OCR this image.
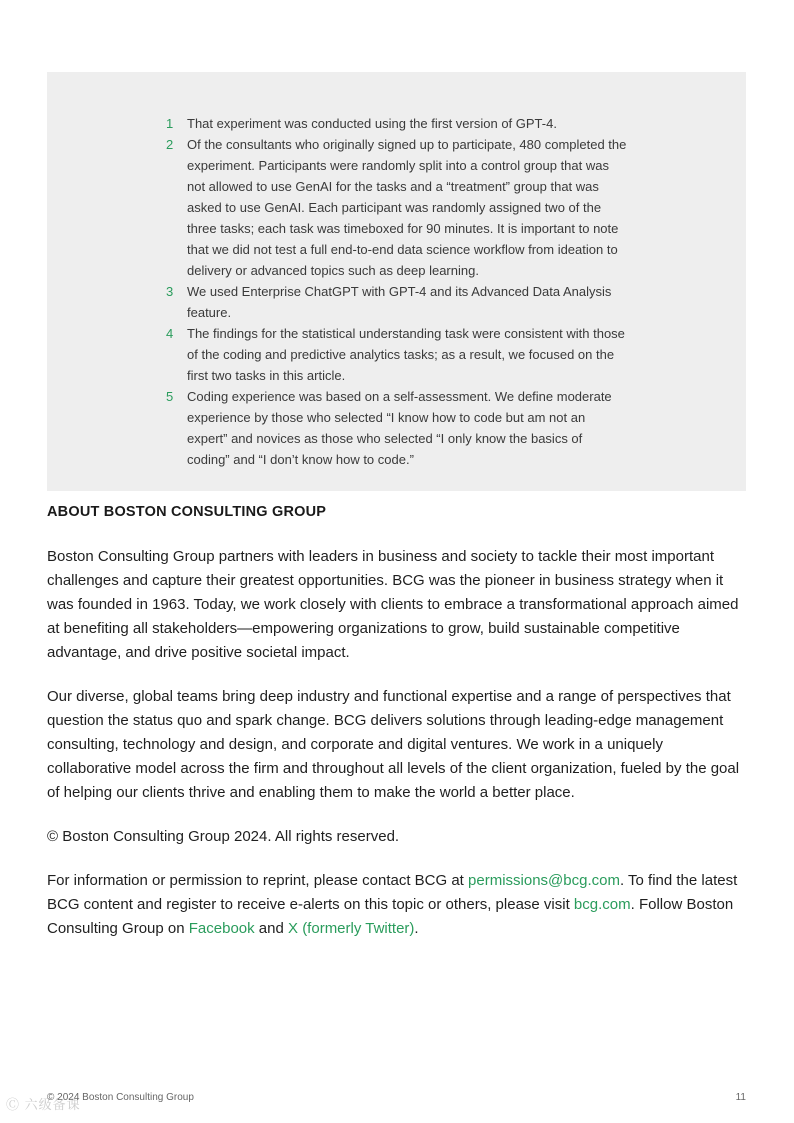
1	That experiment was conducted using the first version of GPT-4.
2	Of the consultants who originally signed up to participate, 480 completed the experiment. Participants were randomly split into a control group that was not allowed to use GenAI for the tasks and a “treatment” group that was asked to use GenAI. Each participant was randomly assigned two of the three tasks; each task was timeboxed for 90 minutes. It is important to note that we did not test a full end-to-end data science workflow from ideation to delivery or advanced topics such as deep learning.
3	We used Enterprise ChatGPT with GPT-4 and its Advanced Data Analysis feature.
4	The findings for the statistical understanding task were consistent with those of the coding and predictive analytics tasks; as a result, we focused on the first two tasks in this article.
5	Coding experience was based on a self-assessment. We define moderate experience by those who selected “I know how to code but am not an expert” and novices as those who selected “I only know the basics of coding” and “I don’t know how to code.”
ABOUT BOSTON CONSULTING GROUP

Boston Consulting Group partners with leaders in business and society to tackle their most important challenges and capture their greatest opportunities. BCG was the pioneer in business strategy when it was founded in 1963. Today, we work closely with clients to embrace a transformational approach aimed at benefiting all stakeholders—empowering organizations to grow, build sustainable competitive advantage, and drive positive societal impact.

Our diverse, global teams bring deep industry and functional expertise and a range of perspectives that question the status quo and spark change. BCG delivers solutions through leading-edge management consulting, technology and design, and corporate and digital ventures. We work in a uniquely collaborative model across the firm and throughout all levels of the client organization, fueled by the goal of helping our clients thrive and enabling them to make the world a better place.

© Boston Consulting Group 2024. All rights reserved.

For information or permission to reprint, please contact BCG at permissions@bcg.com. To find the latest BCG content and register to receive e-alerts on this topic or others, please visit bcg.com. Follow Boston Consulting Group on Facebook and X (formerly Twitter).

Ⓒ 六级备课
© 2024 Boston Consulting Group	11
